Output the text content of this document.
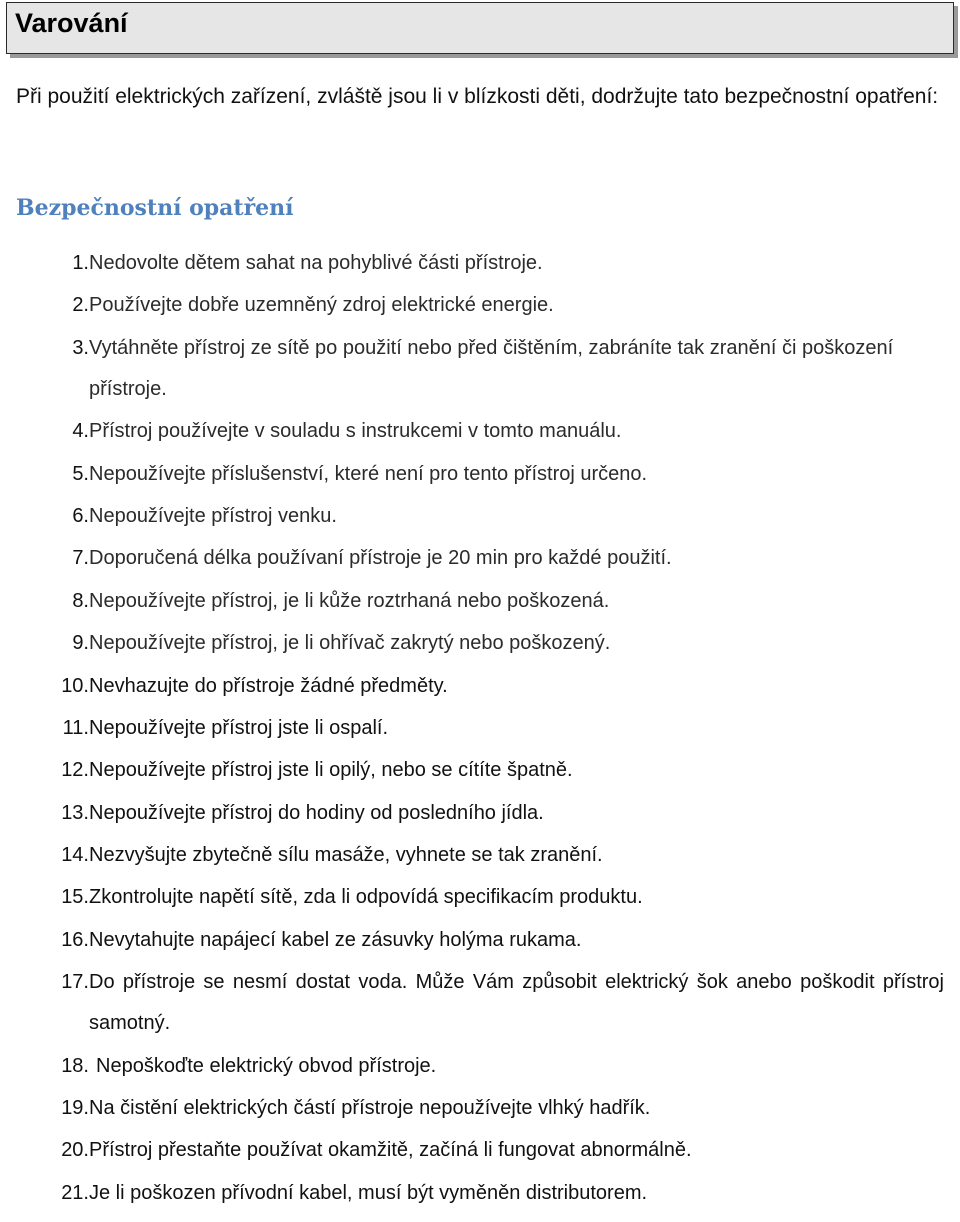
Varování
Při použití elektrických zařízení, zvláště jsou li v blízkosti děti, dodržujte tato bezpečnostní opatření:
Bezpečnostní opatření
1. Nedovolte dětem sahat na pohyblivé části přístroje.
2. Používejte dobře uzemněný zdroj elektrické energie.
3. Vytáhněte přístroj ze sítě po použití nebo před čištěním, zabráníte tak zranění či poškození přístroje.
4. Přístroj používejte v souladu s instrukcemi v tomto manuálu.
5. Nepoužívejte příslušenství, které není pro tento přístroj určeno.
6. Nepoužívejte přístroj venku.
7. Doporučená délka používaní přístroje je 20 min pro každé použití.
8. Nepoužívejte přístroj, je li kůže roztrhaná nebo poškozená.
9. Nepoužívejte přístroj, je li ohřívač zakrytý nebo poškozený.
10. Nevhazujte do přístroje žádné předměty.
11. Nepoužívejte přístroj jste li ospalí.
12. Nepoužívejte přístroj jste li opilý, nebo se cítíte špatně.
13. Nepoužívejte přístroj do hodiny od posledního jídla.
14. Nezvyšujte zbytečně sílu masáže, vyhnete se tak zranění.
15. Zkontrolujte napětí sítě, zda li odpovídá specifikacím produktu.
16. Nevytahujte napájecí kabel ze zásuvky holýma rukama.
17. Do přístroje se nesmí dostat voda. Může Vám způsobit elektrický šok anebo poškodit přístroj samotný.
18. Nepoškoďte elektrický obvod přístroje.
19. Na čistění elektrických částí přístroje nepoužívejte vlhký hadřík.
20. Přístroj přestaňte používat okamžitě, začíná li fungovat abnormálně.
21. Je li poškozen přívodní kabel, musí být vyměněn distributorem.
